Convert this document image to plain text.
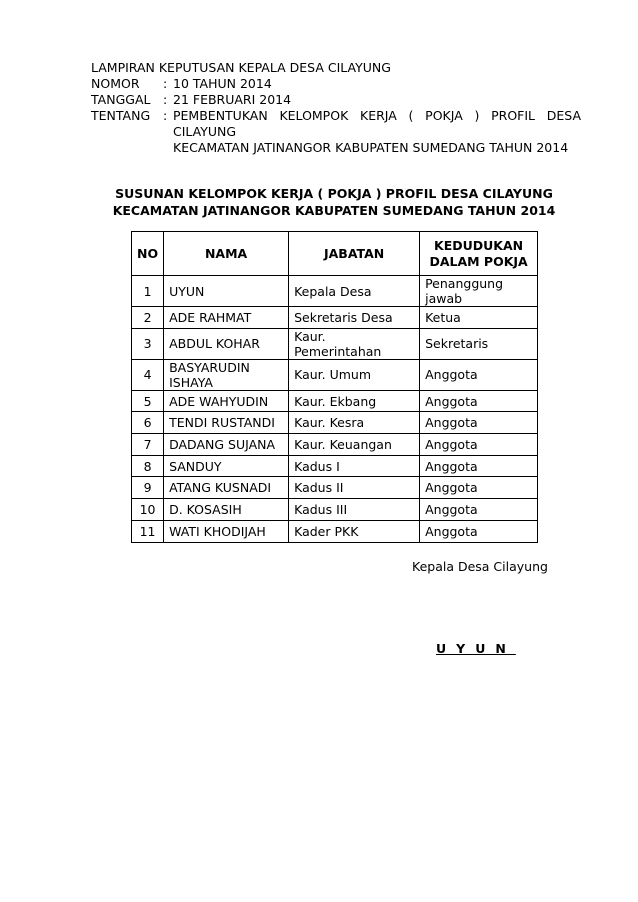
LAMPIRAN KEPUTUSAN KEPALA DESA CILAYUNG
NOMOR	: 10 TAHUN 2014
TANGGAL	: 21 FEBRUARI 2014
TENTANG	: PEMBENTUKAN KELOMPOK KERJA ( POKJA ) PROFIL DESA CILAYUNG
KECAMATAN JATINANGOR KABUPATEN SUMEDANG TAHUN 2014
SUSUNAN KELOMPOK KERJA ( POKJA ) PROFIL DESA CILAYUNG
KECAMATAN JATINANGOR KABUPATEN SUMEDANG TAHUN 2014
NO	NAMA	JABATAN	KEDUDUKAN
DALAM POKJA

1	UYUN	Kepala Desa	Penanggung jawab
2	ADE RAHMAT	Sekretaris Desa	Ketua
3	ABDUL KOHAR	Kaur. Pemerintahan	Sekretaris
4	BASYARUDIN ISHAYA	Kaur. Umum	Anggota
5	ADE WAHYUDIN	Kaur. Ekbang	Anggota
6	TENDI RUSTANDI	Kaur. Kesra	Anggota
7	DADANG SUJANA	Kaur. Keuangan	Anggota
8	SANDUY	Kadus I	Anggota
9	ATANG KUSNADI	Kadus II	Anggota
10	D. KOSASIH	Kadus III	Anggota
11	WATI KHODIJAH	Kader PKK	Anggota
Kepala Desa Cilayung
UYUN
